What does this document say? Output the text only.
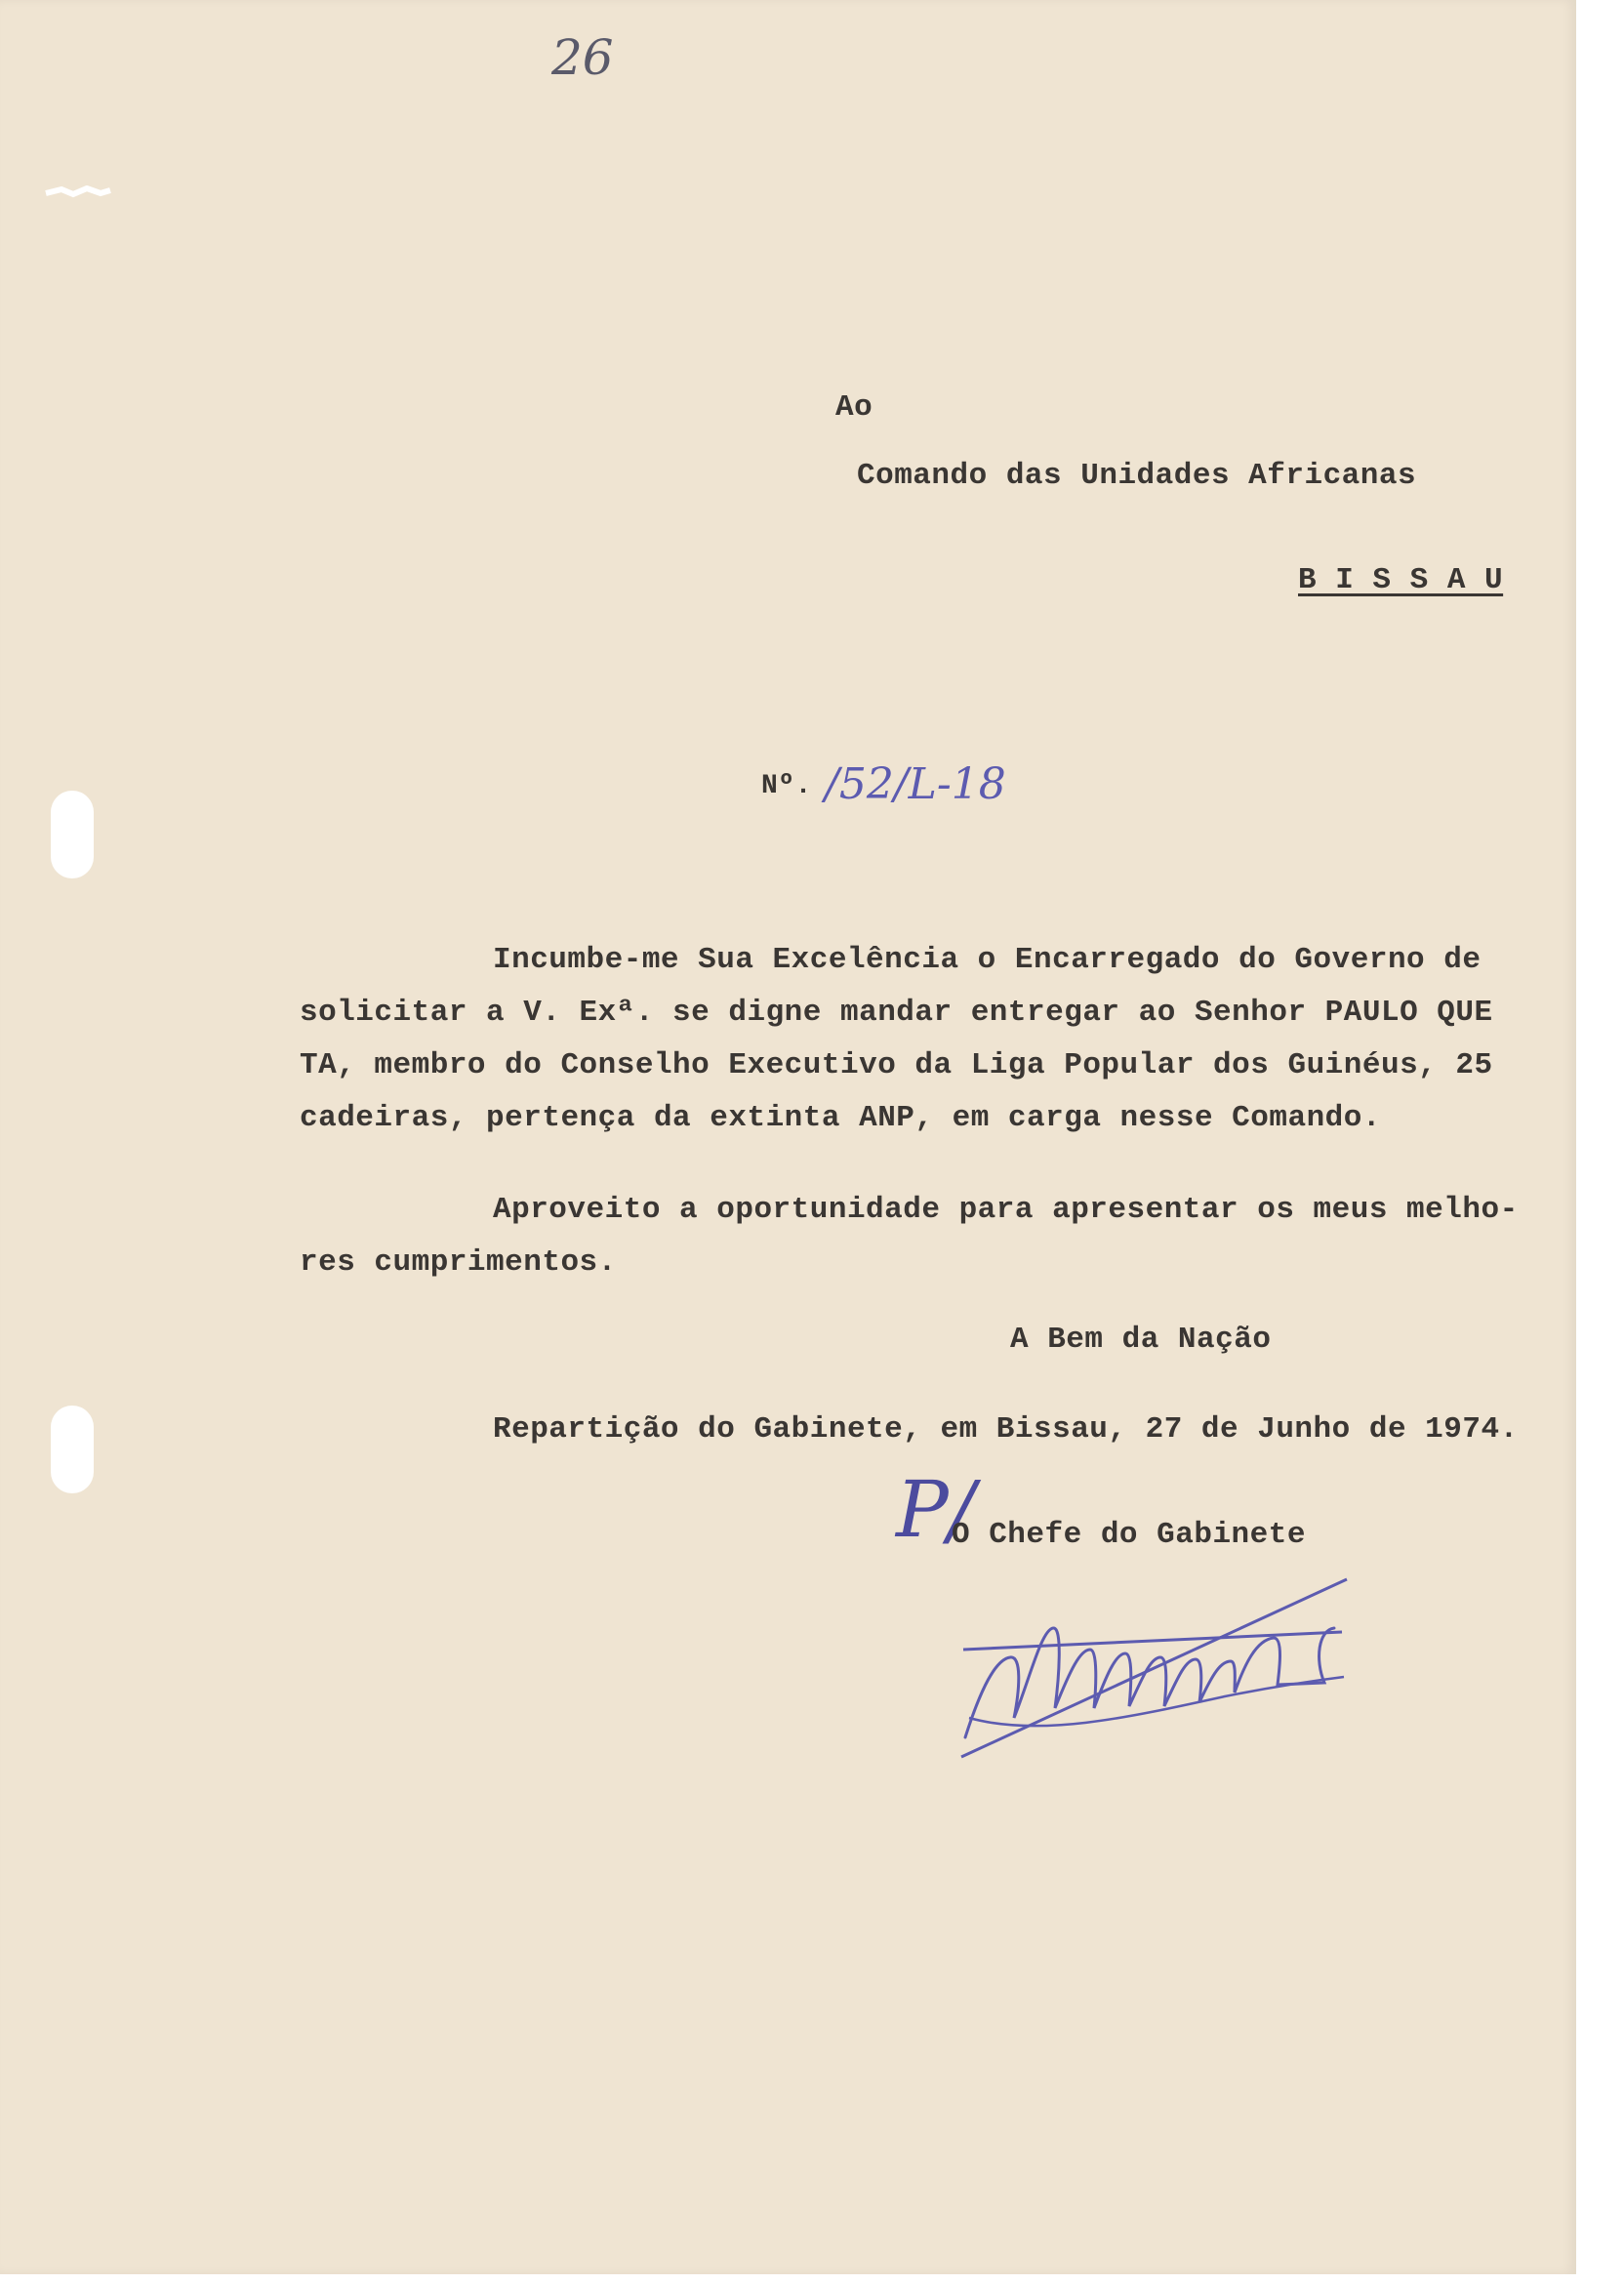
26
Ao
Comando das Unidades Africanas
B I S S A U
Nº. /52/L-18
Incumbe-me Sua Excelência o Encarregado do Governo de
solicitar a V. Exª. se digne mandar entregar ao Senhor PAULO QUE
TA, membro do Conselho Executivo da Liga Popular dos Guinéus, 25
cadeiras, pertença da extinta ANP, em carga nesse Comando.
Aproveito a oportunidade para apresentar os meus melho-
res cumprimentos.
A Bem da Nação
Repartição do Gabinete, em Bissau, 27 de Junho de 1974.
P/
O Chefe do Gabinete
